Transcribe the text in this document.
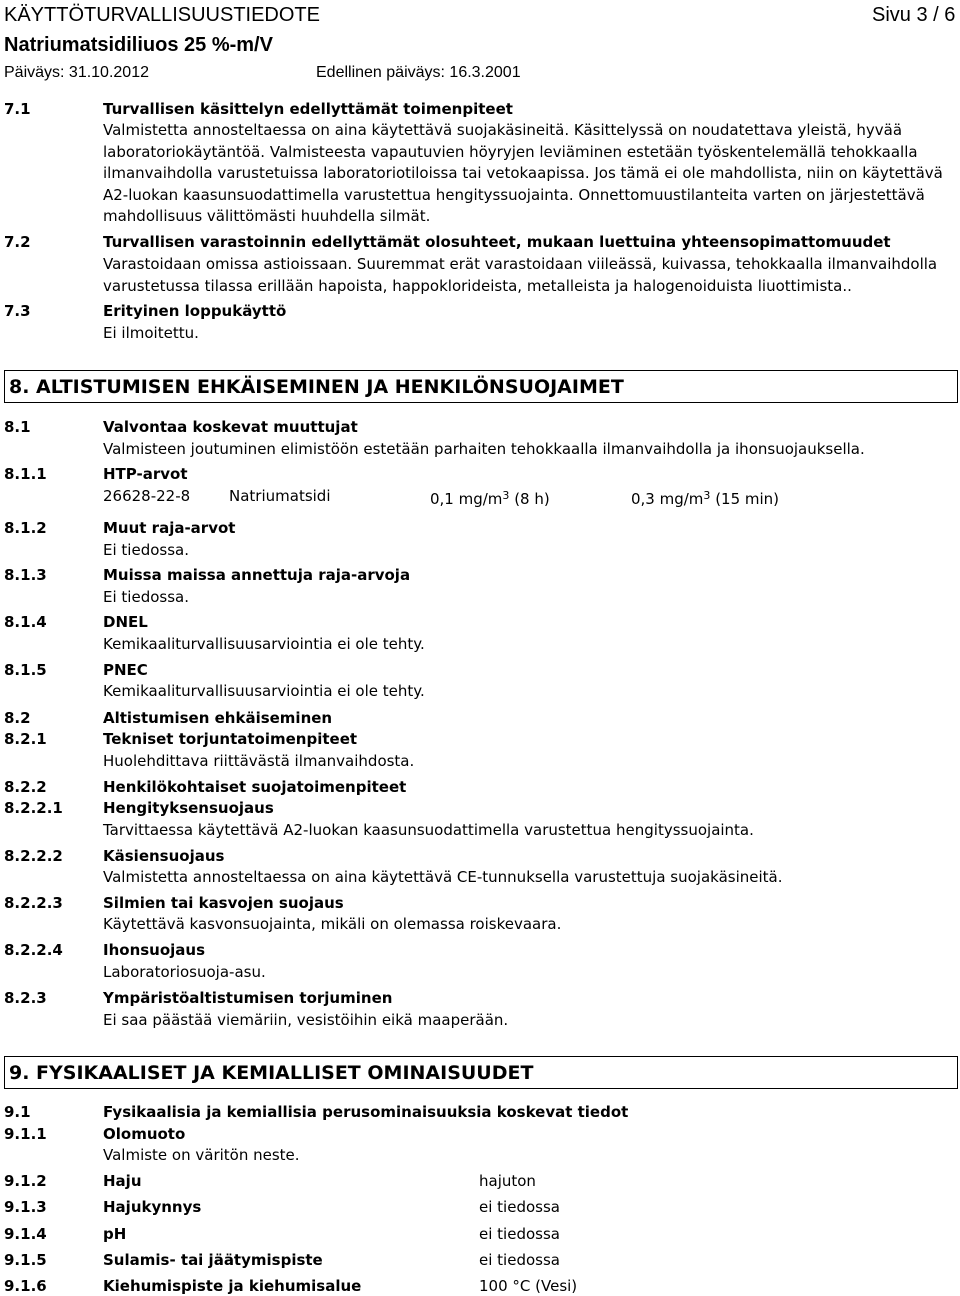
KÄYTTÖTURVALLISUUSTIEDOTE	Sivu 3 / 6
Natriumatsidiliuos 25 %-m/V
Päiväys: 31.10.2012	Edellinen päiväys: 16.3.2001
7.1	Turvallisen käsittelyn edellyttämät toimenpiteet
Valmistetta annosteltaessa on aina käytettävä suojakäsineitä. Käsittelyssä on noudatettava yleistä, hyvää
laboratoriokäytäntöä. Valmisteesta vapautuvien höyryjen leviäminen estetään työskentelemällä tehokkaalla
ilmanvaihdolla varustetuissa laboratoriotiloissa tai vetokaapissa. Jos tämä ei ole mahdollista, niin on käytettävä
A2-luokan kaasunsuodattimella varustettua hengityssuojainta. Onnettomuustilanteita varten on järjestettävä
mahdollisuus välittömästi huuhdella silmät.
7.2	Turvallisen varastoinnin edellyttämät olosuhteet, mukaan luettuina yhteensopimattomuudet
Varastoidaan omissa astioissaan. Suuremmat erät varastoidaan viileässä, kuivassa, tehokkaalla ilmanvaihdolla
varustetussa tilassa erillään hapoista, happoklorideista, metalleista ja halogenoiduista liuottimista..
7.3	Erityinen loppukäyttö
Ei ilmoitettu.
8. ALTISTUMISEN EHKÄISEMINEN JA HENKILÖNSUOJAIMET
8.1	Valvontaa koskevat muuttujat
Valmisteen joutuminen elimistöön estetään parhaiten tehokkaalla ilmanvaihdolla ja ihonsuojauksella.
8.1.1	HTP-arvot
26628-22-8	Natriumatsidi	0,1 $mg/m^3$ (8 h)	0,3 $mg/m^3$ (15 min)
8.1.2	Muut raja-arvot
Ei tiedossa.
8.1.3	Muissa maissa annettuja raja-arvoja
Ei tiedossa.
8.1.4	DNEL
Kemikaaliturvallisuusarviointia ei ole tehty.
8.1.5	PNEC
Kemikaaliturvallisuusarviointia ei ole tehty.
8.2	Altistumisen ehkäiseminen
8.2.1	Tekniset torjuntatoimenpiteet
Huolehdittava riittävästä ilmanvaihdosta.
8.2.2	Henkilökohtaiset suojatoimenpiteet
8.2.2.1	Hengityksensuojaus
Tarvittaessa käytettävä A2-luokan kaasunsuodattimella varustettua hengityssuojainta.
8.2.2.2	Käsiensuojaus
Valmistetta annosteltaessa on aina käytettävä CE-tunnuksella varustettuja suojakäsineitä.
8.2.2.3	Silmien tai kasvojen suojaus
Käytettävä kasvonsuojainta, mikäli on olemassa roiskevaara.
8.2.2.4	Ihonsuojaus
Laboratoriosuoja-asu.
8.2.3	Ympäristöaltistumisen torjuminen
Ei saa päästää viemäriin, vesistöihin eikä maaperään.
9. FYSIKAALISET JA KEMIALLISET OMINAISUUDET
9.1	Fysikaalisia ja kemiallisia perusominaisuuksia koskevat tiedot
9.1.1	Olomuoto
Valmiste on väritön neste.
9.1.2	Haju	hajuton
9.1.3	Hajukynnys	ei tiedossa
9.1.4	pH	ei tiedossa
9.1.5	Sulamis- tai jäätymispiste	ei tiedossa
9.1.6	Kiehumispiste ja kiehumisalue	100 °C (Vesi)
